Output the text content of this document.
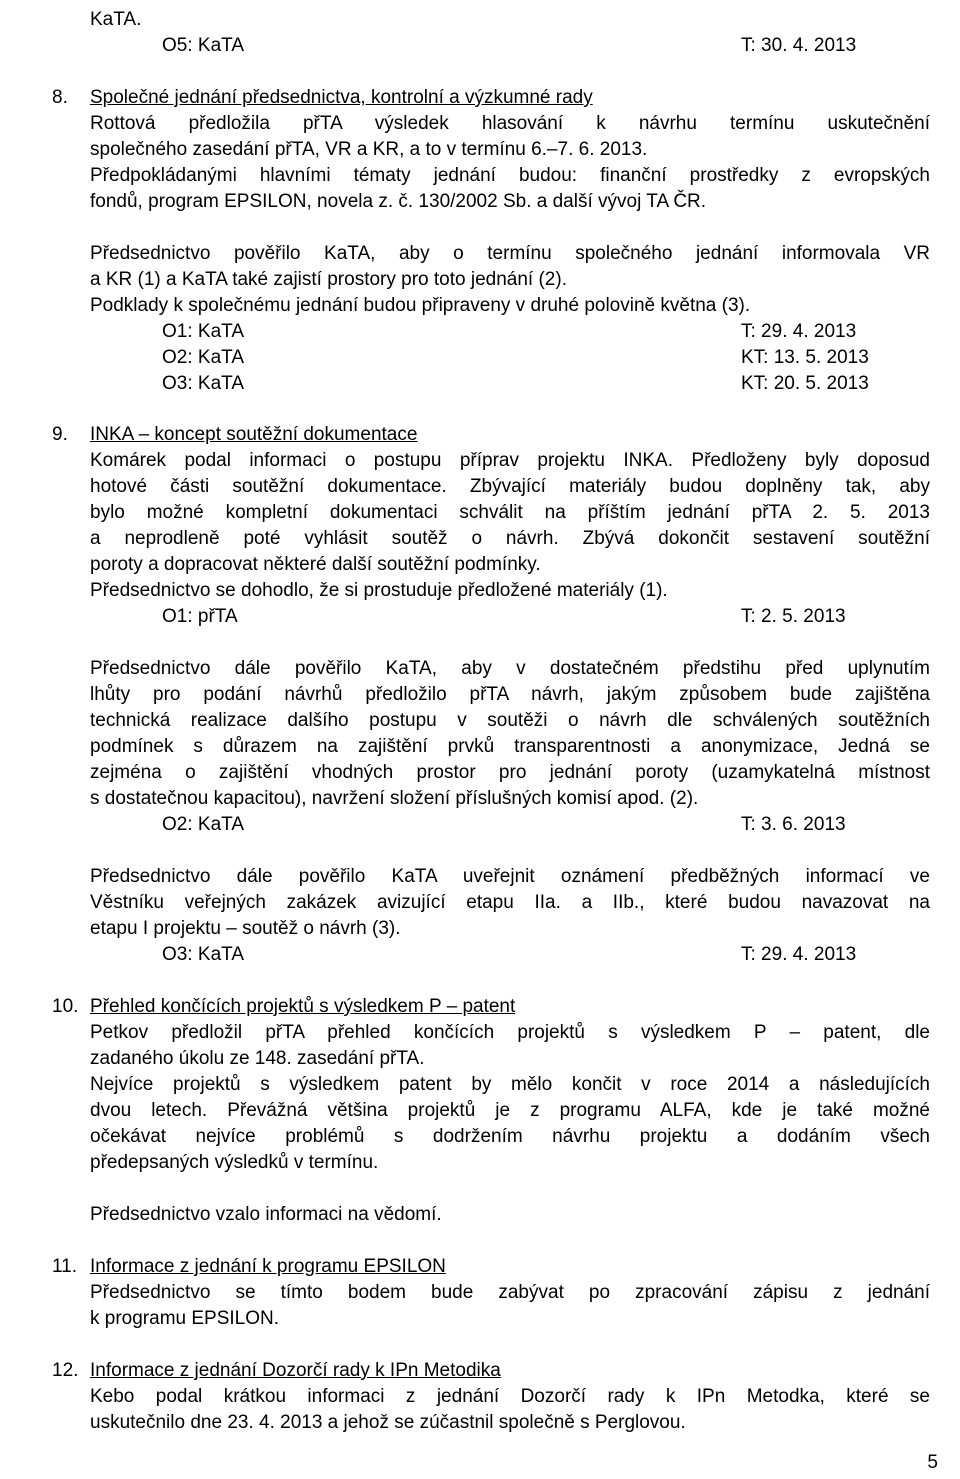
KaTA.
O5: KaTA	T: 30. 4. 2013
8. Společné jednání předsednictva, kontrolní a výzkumné rady
Rottová předložila přTA výsledek hlasování k návrhu termínu uskutečnění
společného zasedání přTA, VR a KR, a to v termínu 6.–7. 6. 2013.
Předpokládanými hlavními tématy jednání budou: finanční prostředky z evropských
fondů, program EPSILON, novela z. č. 130/2002 Sb. a další vývoj TA ČR.
Předsednictvo pověřilo KaTA, aby o termínu společného jednání informovala VR
a KR (1) a KaTA také zajistí prostory pro toto jednání (2).
Podklady k společnému jednání budou připraveny v druhé polovině května (3).
O1: KaTA	T: 29. 4. 2013
O2: KaTA	KT: 13. 5. 2013
O3: KaTA	KT: 20. 5. 2013
9. INKA – koncept soutěžní dokumentace
Komárek podal informaci o postupu příprav projektu INKA. Předloženy byly doposud
hotové části soutěžní dokumentace. Zbývající materiály budou doplněny tak, aby
bylo možné kompletní dokumentaci schválit na příštím jednání přTA 2. 5. 2013
a neprodleně poté vyhlásit soutěž o návrh. Zbývá dokončit sestavení soutěžní
poroty a dopracovat některé další soutěžní podmínky.
Předsednictvo se dohodlo, že si prostuduje předložené materiály (1).
O1: přTA	T: 2. 5. 2013
Předsednictvo dále pověřilo KaTA, aby v dostatečném předstihu před uplynutím
lhůty pro podání návrhů předložilo přTA návrh, jakým způsobem bude zajištěna
technická realizace dalšího postupu v soutěži o návrh dle schválených soutěžních
podmínek s důrazem na zajištění prvků transparentnosti a anonymizace, Jedná se
zejména o zajištění vhodných prostor pro jednání poroty (uzamykatelná místnost
s dostatečnou kapacitou), navržení složení příslušných komisí apod. (2).
O2: KaTA	T: 3. 6. 2013
Předsednictvo dále pověřilo KaTA uveřejnit oznámení předběžných informací ve
Věstníku veřejných zakázek avizující etapu IIa. a IIb., které budou navazovat na
etapu I projektu – soutěž o návrh (3).
O3: KaTA	T: 29. 4. 2013
10. Přehled končících projektů s výsledkem P – patent
Petkov předložil přTA přehled končících projektů s výsledkem P – patent, dle
zadaného úkolu ze 148. zasedání přTA.
Nejvíce projektů s výsledkem patent by mělo končit v roce 2014 a následujících
dvou letech. Převážná většina projektů je z programu ALFA, kde je také možné
očekávat nejvíce problémů s dodržením návrhu projektu a dodáním všech
předepsaných výsledků v termínu.
Předsednictvo vzalo informaci na vědomí.
11. Informace z jednání k programu EPSILON
Předsednictvo se tímto bodem bude zabývat po zpracování zápisu z jednání
k programu EPSILON.
12. Informace z jednání Dozorčí rady k IPn Metodika
Kebo podal krátkou informaci z jednání Dozorčí rady k IPn Metodka, které se
uskutečnilo dne 23. 4. 2013 a jehož se zúčastnil společně s Perglovou.
5
